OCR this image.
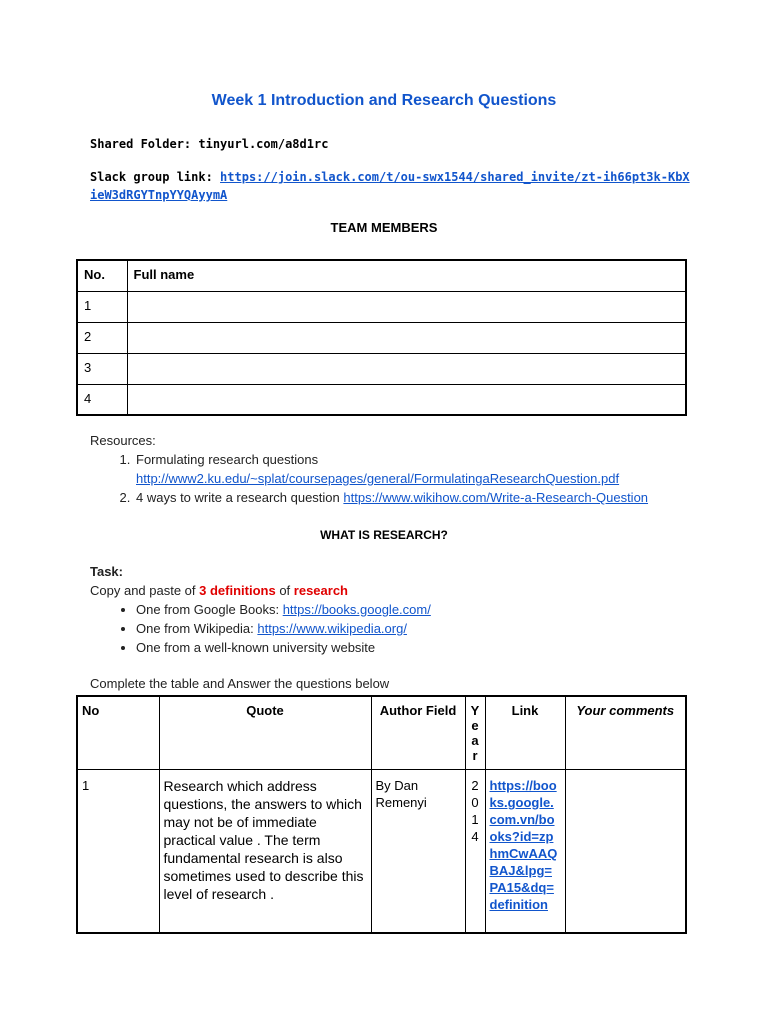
Week 1 Introduction and Research Questions
Shared Folder: tinyurl.com/a8d1rc
Slack group link: https://join.slack.com/t/ou-swx1544/shared_invite/zt-ih66pt3k-KbXieW3dRGYTnpYYQAyymA
TEAM MEMBERS
No.	Full name
1	
2	
3	
4	
Resources:
1. Formulating research questions http://www2.ku.edu/~splat/coursepages/general/FormulatingaResearchQuestion.pdf
2. 4 ways to write a research question https://www.wikihow.com/Write-a-Research-Question
WHAT IS RESEARCH?
Task:
Copy and paste of 3 definitions of research
• One from Google Books: https://books.google.com/
• One from Wikipedia: https://www.wikipedia.org/
• One from a well-known university website
Complete the table and Answer the questions below
No	Quote	Author Field	Year	Link	Your comments
1	Research which address questions, the answers to which may not be of immediate practical value . The term fundamental research is also sometimes used to describe this level of research .	By Dan Remenyi	2014	https://books.google.com.vn/books?id=zphmCwAAQBAJ&lpg=PA15&dq=definition	
